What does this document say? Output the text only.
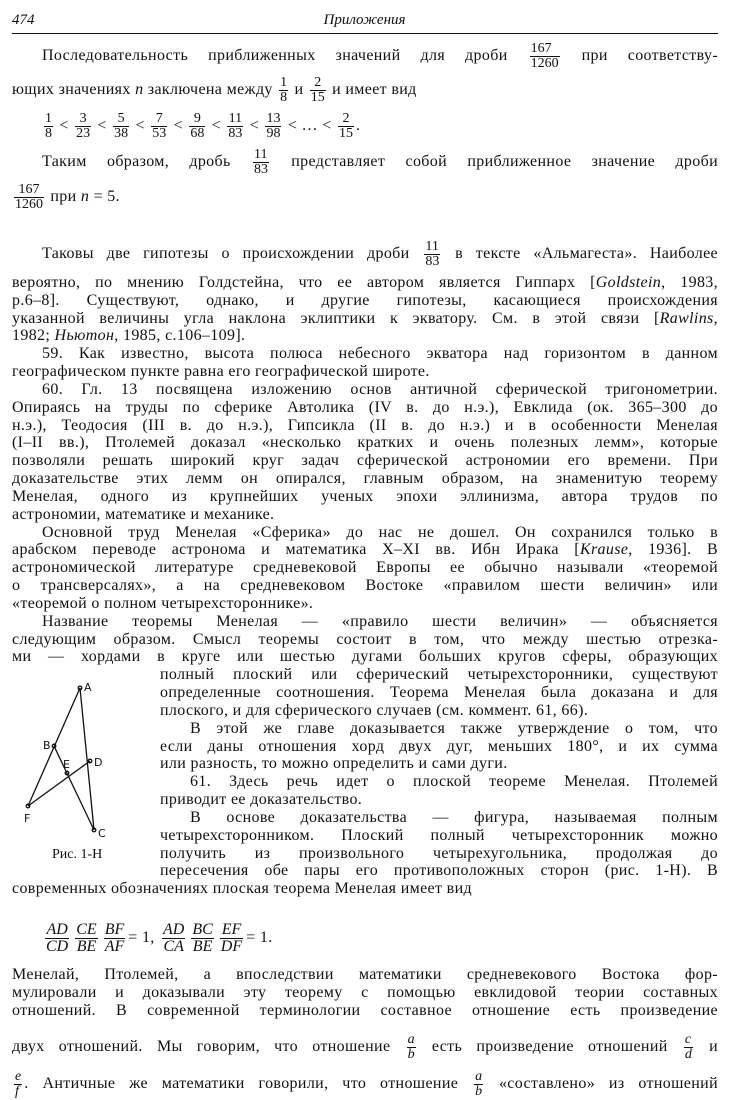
474	Приложения
Последовательность приближенных значений для дроби $\frac{167}{1260}$ при соответству-
ющих значениях n заключена между $\frac{1}{8}$ и $\frac{2}{15}$ и имеет вид
$\frac{1}{8} < \frac{3}{23} < \frac{5}{38} < \frac{7}{53} < \frac{9}{68} < \frac{11}{83} < \frac{13}{98}$ < … < $\frac{2}{15}$ .
Таким образом, дробь $\frac{11}{83}$ представляет собой приближенное значение дроби
$\frac{167}{1260}$ при n = 5.
Таковы две гипотезы о происхождении дроби $\frac{11}{83}$ в тексте «Альмагеста». Наиболее
вероятно, по мнению Голдстейна, что ее автором является Гиппарх [Goldstein, 1983,
р.6–8]. Существуют, однако, и другие гипотезы, касающиеся происхождения
указанной величины угла наклона эклиптики к экватору. См. в этой связи [Rawlins,
1982; Ньютон, 1985, с.106–109].
59. Как известно, высота полюса небесного экватора над горизонтом в данном
географическом пункте равна его географической широте.
60. Гл. 13 посвящена изложению основ античной сферической тригонометрии.
Опираясь на труды по сферике Автолика (IV в. до н.э.), Евклида (ок. 365–300 до
н.э.), Теодосия (III в. до н.э.), Гипсикла (II в. до н.э.) и в особенности Менелая
(I–II вв.), Птолемей доказал «несколько кратких и очень полезных лемм», которые
позволяли решать широкий круг задач сферической астрономии его времени. При
доказательстве этих лемм он опирался, главным образом, на знаменитую теорему
Менелая, одного из крупнейших ученых эпохи эллинизма, автора трудов по
астрономии, математике и механике.
Основной труд Менелая «Сферика» до нас не дошел. Он сохранился только в
арабском переводе астронома и математика X–XI вв. Ибн Ирака [Krause, 1936]. В
астрономической литературе средневековой Европы ее обычно называли «теоремой
о трансверсалях», а на средневековом Востоке «правилом шести величин» или
«теоремой о полном четырехстороннике».
Название теоремы Менелая — «правило шести величин» — объясняется
следующим образом. Смысл теоремы состоит в том, что между шестью отрезка-
ми — хордами в круге или шестью дугами больших кругов сферы, образующих
полный плоский или сферический четырехсторонники, существуют
определенные соотношения. Теорема Менелая была доказана и для
плоского, и для сферического случаев (см. коммент. 61, 66).
В этой же главе доказывается также утверждение о том, что
если даны отношения хорд двух дуг, меньших 180°, и их сумма
или разность, то можно определить и сами дуги.
61. Здесь речь идет о плоской теореме Менелая. Птолемей
приводит ее доказательство.
В основе доказательства — фигура, называемая полным
четырехсторонником. Плоский полный четырехсторонник можно
получить из произвольного четырехугольника, продолжая до
пересечения обе пары его противоположных сторон (рис. 1-Н). В
современных обозначениях плоская теорема Менелая имеет вид
$\frac{AD}{CD} \frac{CE}{BE} \frac{BF}{AF} = 1$, $\frac{AD}{CA} \frac{BC}{BE} \frac{EF}{DF} = 1$.
Менелай, Птолемей, а впоследствии математики средневекового Востока фор-
мулировали и доказывали эту теорему с помощью евклидовой теории составных
отношений. В современной терминологии составное отношение есть произведение
двух отношений. Мы говорим, что отношение $\frac{a}{b}$ есть произведение отношений $\frac{c}{d}$ и
$\frac{e}{f}$ . Античные же математики говорили, что отношение $\frac{a}{b}$ «составлено» из отношений
A
B
C
D
E
F
Рис. 1-Н
